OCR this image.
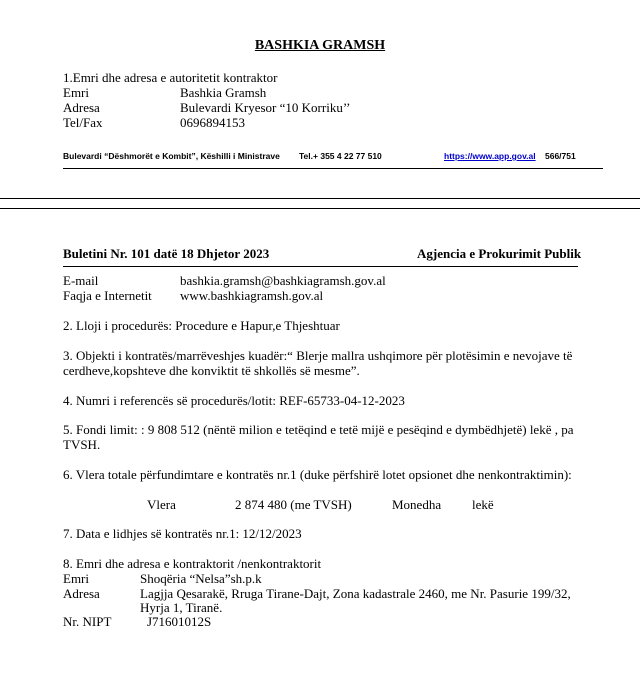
BASHKIA GRAMSH
1.Emri dhe adresa e autoritetit kontraktor
Emri	Bashkia Gramsh
Adresa	Bulevardi Kryesor “10 Korriku’’
Tel/Fax	0696894153
Bulevardi “Dëshmorët e Kombit”, Këshilli i Ministrave Tel.+ 355 4 22 77 510	https://www.app.gov.al 566/751
Buletini Nr. 101 datë 18 Dhjetor 2023	Agjencia e Prokurimit Publik
E-mail	bashkia.gramsh@bashkiagramsh.gov.al
Faqja e Internetit www.bashkiagramsh.gov.al
2. Lloji i procedurës: Procedure e Hapur,e Thjeshtuar
3. Objekti i kontratës/marrëveshjes kuadër:“ Blerje mallra ushqimore për plotësimin e nevojave të
cerdheve,kopshteve dhe konviktit të shkollës së mesme”.
4. Numri i referencës së procedurës/lotit: REF-65733-04-12-2023
5. Fondi limit: : 9 808 512 (nëntë milion e tetëqind e tetë mijë e pesëqind e dymbëdhjetë) lekë , pa
TVSH.
6. Vlera totale përfundimtare e kontratës nr.1 (duke përfshirë lotet opsionet dhe nenkontraktimin):
Vlera	2 874 480 (me TVSH)	Monedha lekë
7. Data e lidhjes së kontratës nr.1: 12/12/2023
8. Emri dhe adresa e kontraktorit /nenkontraktorit
Emri	Shoqëria “Nelsa”sh.p.k
Adresa	Lagjja Qesarakë, Rruga Tirane-Dajt, Zona kadastrale 2460, me Nr. Pasurie 199/32,
Hyrja 1, Tiranë.
Nr. NIPT	J71601012S
